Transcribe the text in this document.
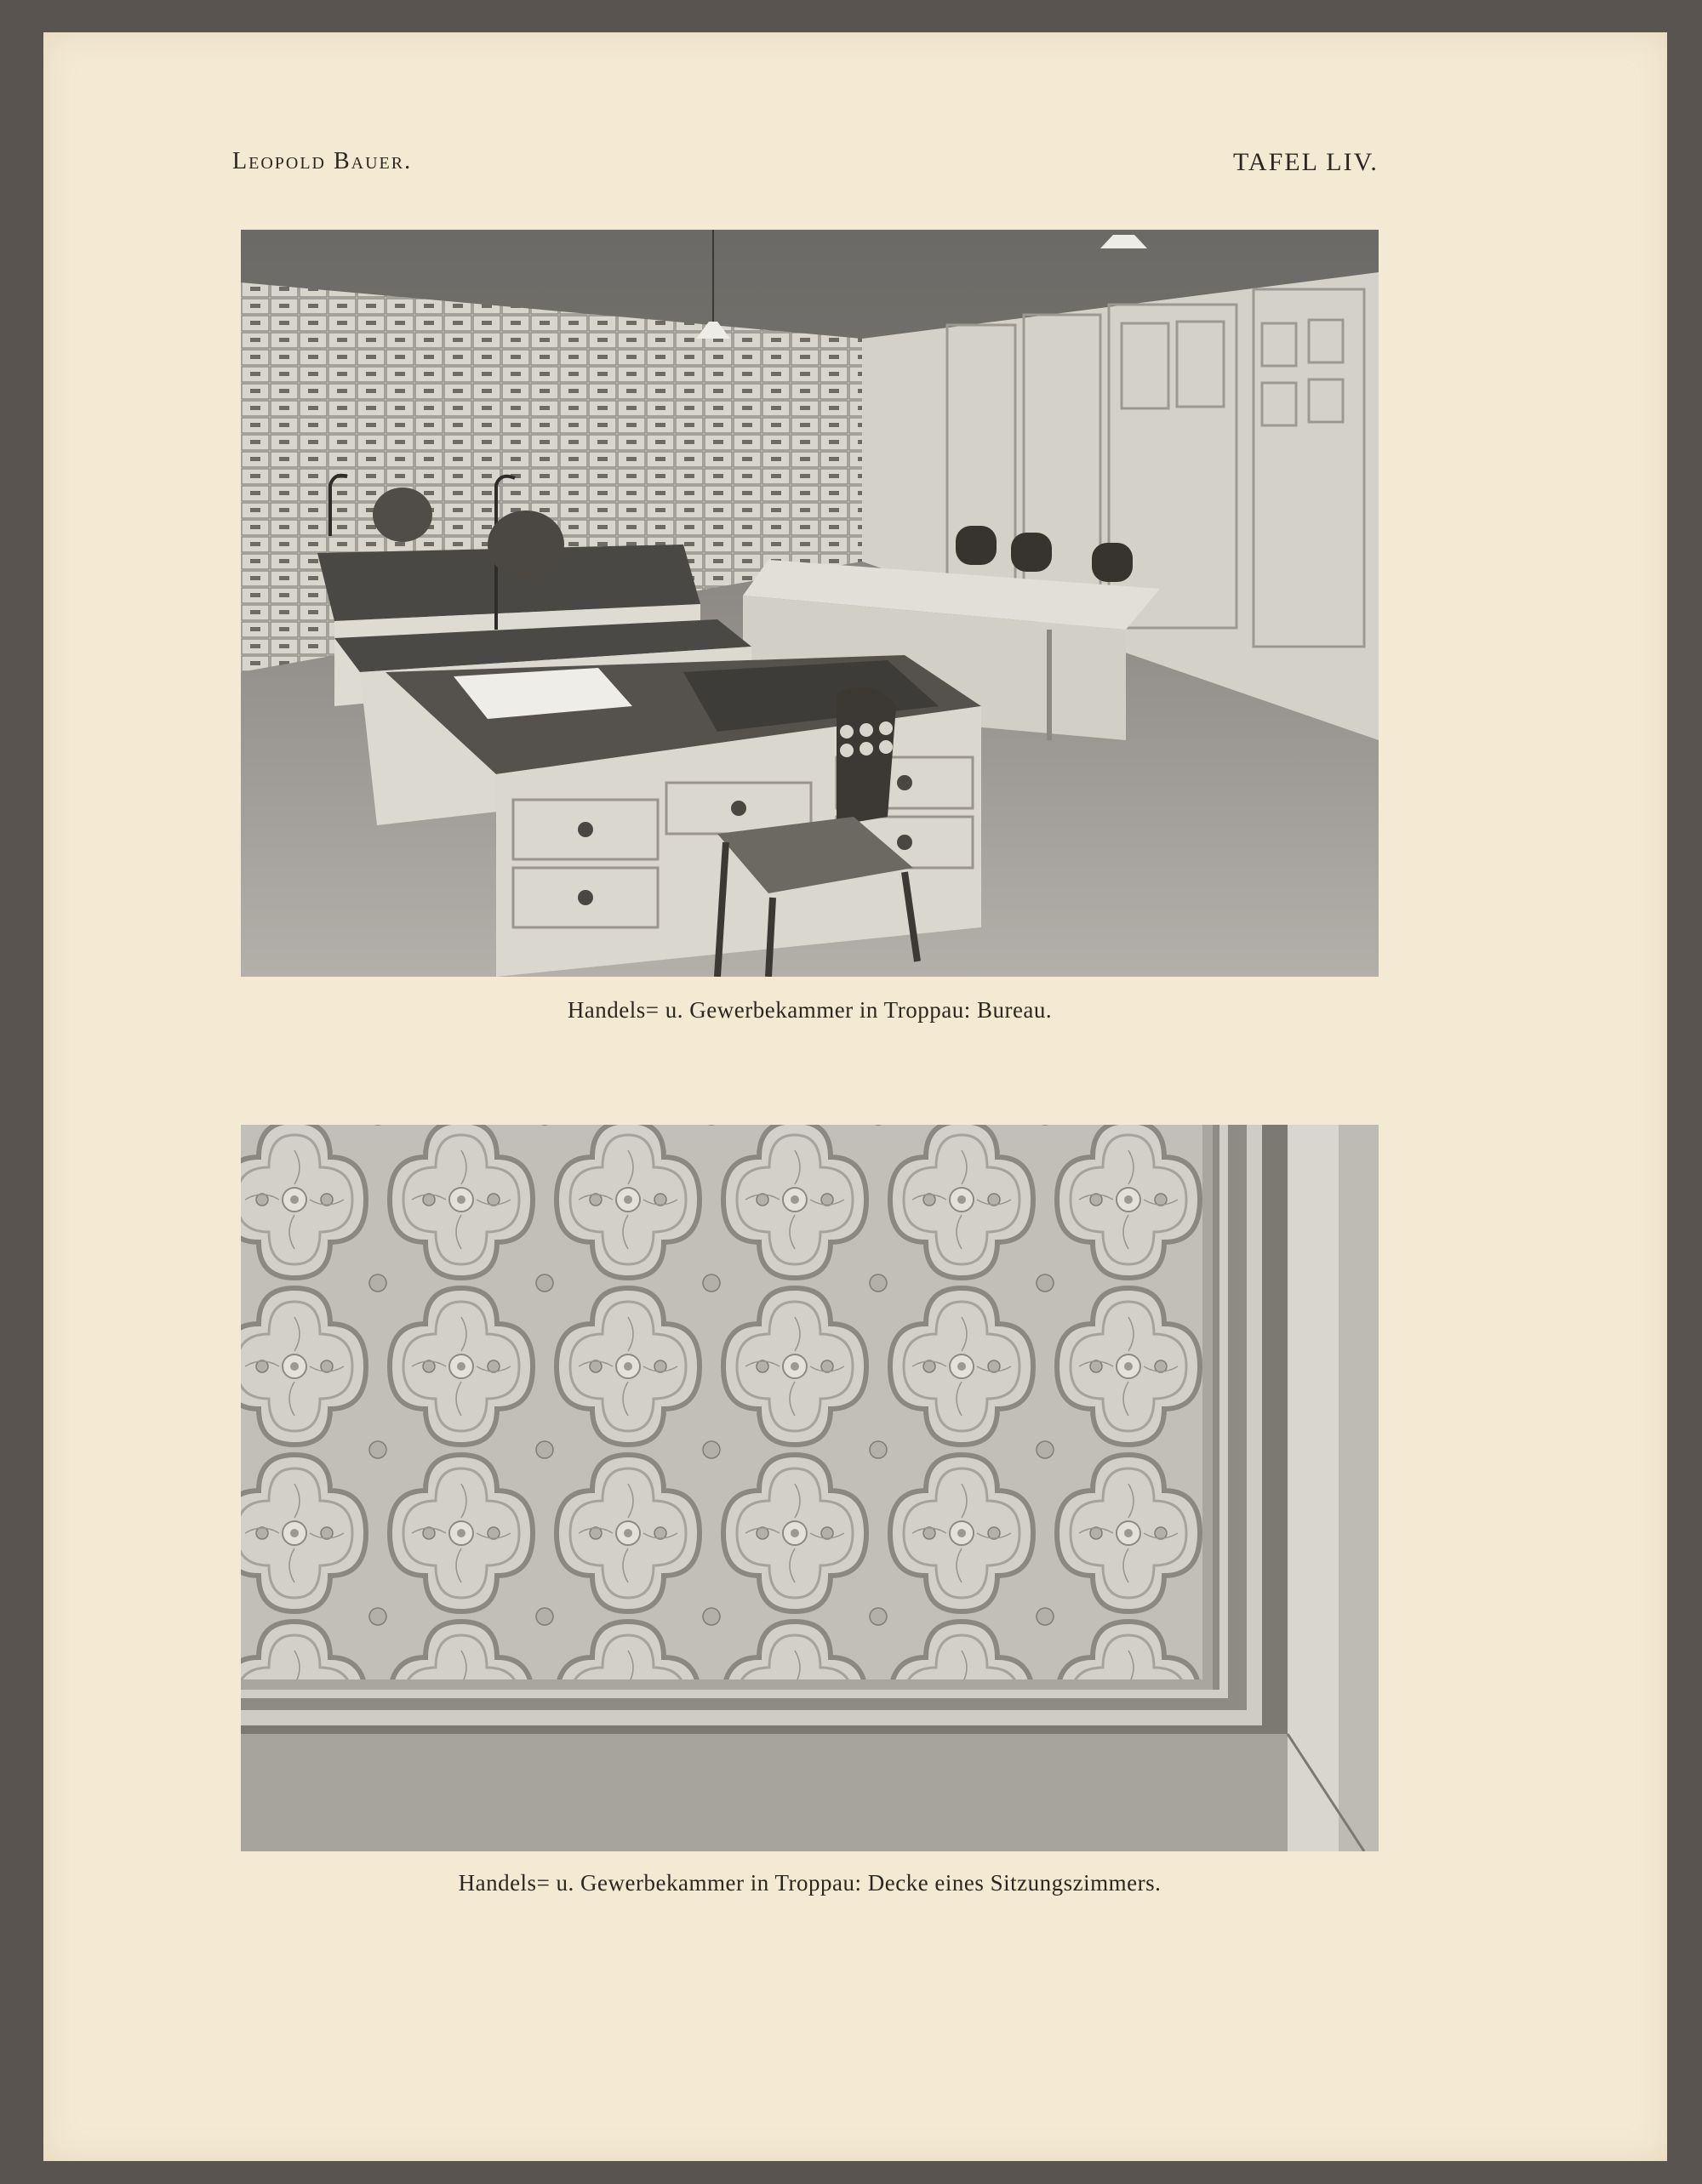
Leopold Bauer.	TAFEL LIV.
Handels= u. Gewerbekammer in Troppau: Bureau.
Handels= u. Gewerbekammer in Troppau: Decke eines Sitzungszimmers.
